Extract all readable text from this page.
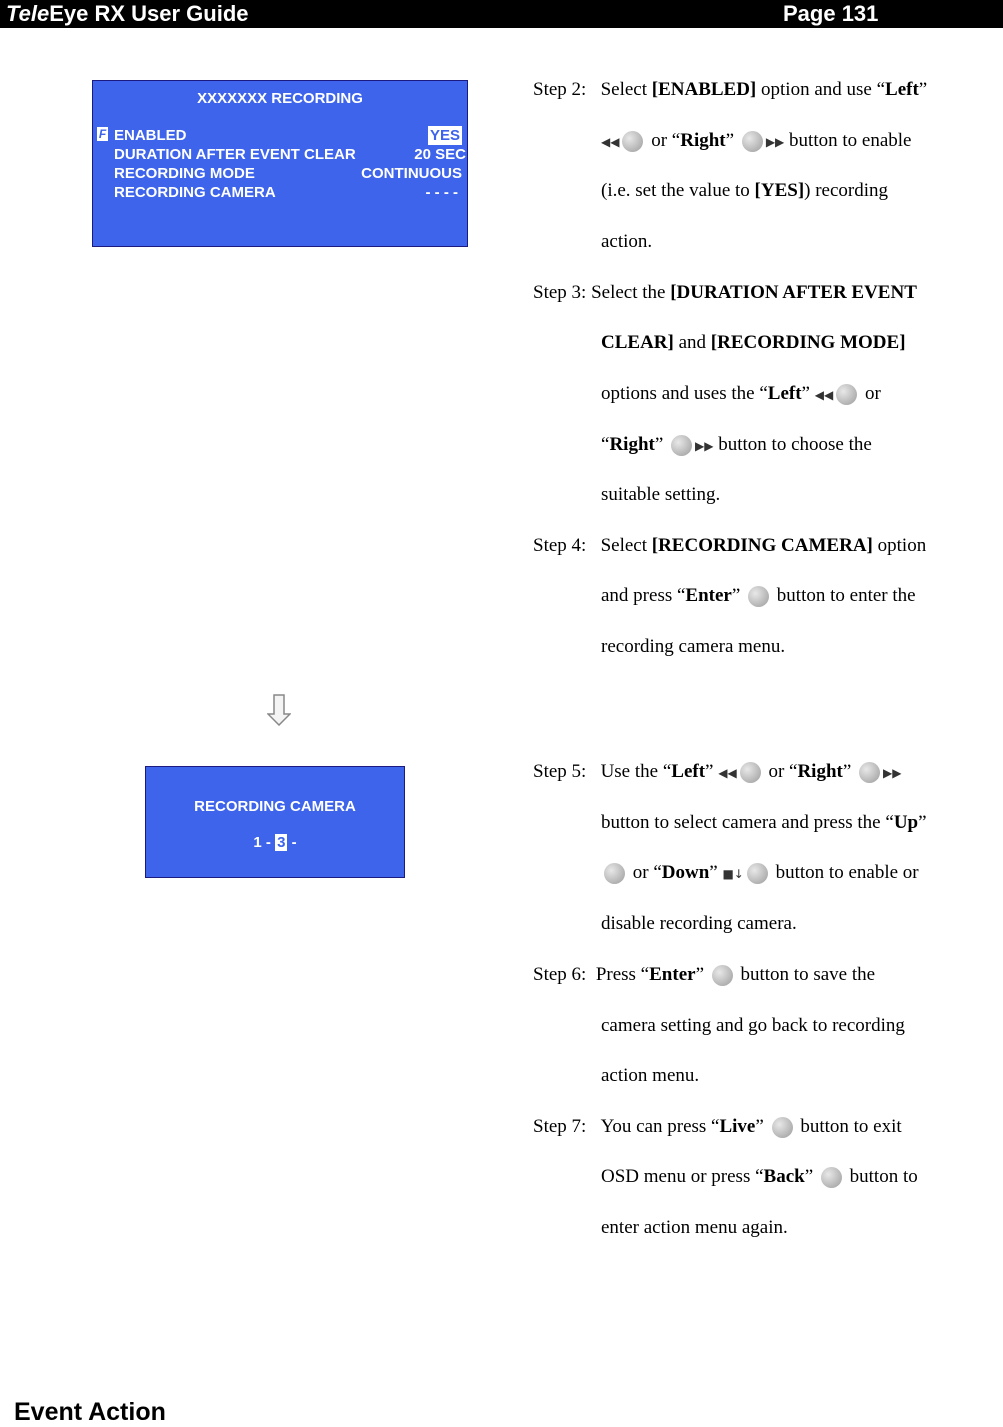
TeleEye RX User Guide	Page 131
XXXXXXX RECORDING
F ENABLED	YES
DURATION AFTER EVENT CLEAR	20 SEC
RECORDING MODE	CONTINUOUS
RECORDING CAMERA	- - - -
RECORDING CAMERA
1 - 3 -
Step 2: Select [ENABLED] option and use “Left”
◀◀ or “Right” ▶▶ button to enable
(i.e. set the value to [YES]) recording
action.
Step 3: Select the [DURATION AFTER EVENT
CLEAR] and [RECORDING MODE]
options and uses the “Left” ◀◀ or
“Right” ▶▶ button to choose the
suitable setting.
Step 4: Select [RECORDING CAMERA] option
and press “Enter”  button to enter the
recording camera menu.
Step 5: Use the “Left” ◀◀ or “Right”	▶▶
button to select camera and press the “Up”
or “Down” ■↓ button to enable or
disable recording camera.
Step 6: Press “Enter”  button to save the
camera setting and go back to recording
action menu.
Step 7: You can press “Live”  button to exit
OSD menu or press “Back”  button to
enter action menu again.
Event Action
